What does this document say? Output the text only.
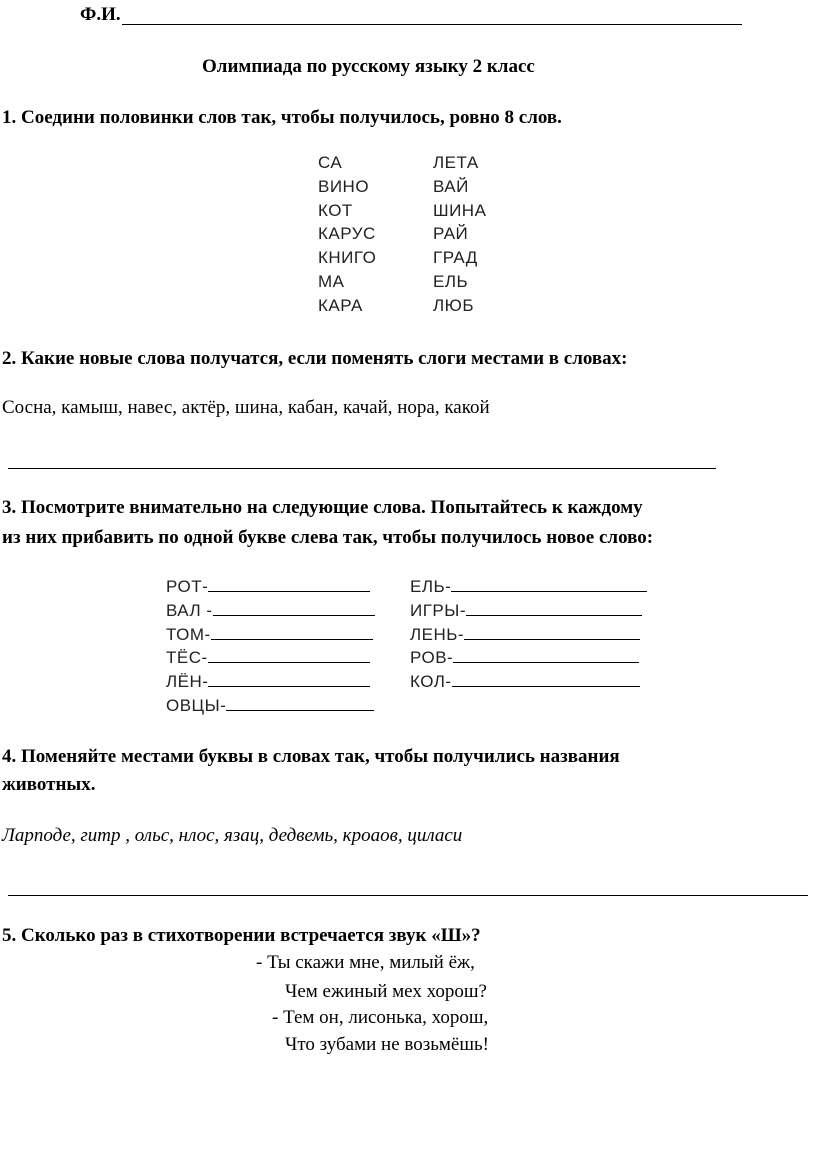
Ф.И.
Олимпиада по русскому языку 2 класс
1. Соедини половинки слов так, чтобы получилось, ровно 8 слов.
СА
ВИНО
КОТ
КАРУС
КНИГО
МА
КАРА
ЛЕТА
ВАЙ
ШИНА
РАЙ
ГРАД
ЕЛЬ
ЛЮБ
2. Какие новые слова получатся, если поменять слоги местами в словах:
Сосна, камыш, навес, актёр, шина, кабан, качай, нора, какой
3. Посмотрите внимательно на следующие слова. Попытайтесь к каждому
из них прибавить по одной букве слева так, чтобы получилось новое слово:
РОТ-
ВАЛ -
ТОМ-
ТЁС-
ЛЁН-
ОВЦЫ-
ЕЛЬ-
ИГРЫ-
ЛЕНЬ-
РОВ-
КОЛ-
4. Поменяйте местами буквы в словах так, чтобы получились названия
животных.
Ларподе, гитр , ольс, нлос, язац, дедвемь, кроаов, циласи
5. Сколько раз в стихотворении встречается звук «Ш»?
- Ты скажи мне, милый ёж,
Чем ежиный мех хорош?
- Тем он, лисонька, хорош,
Что зубами не возьмёшь!
